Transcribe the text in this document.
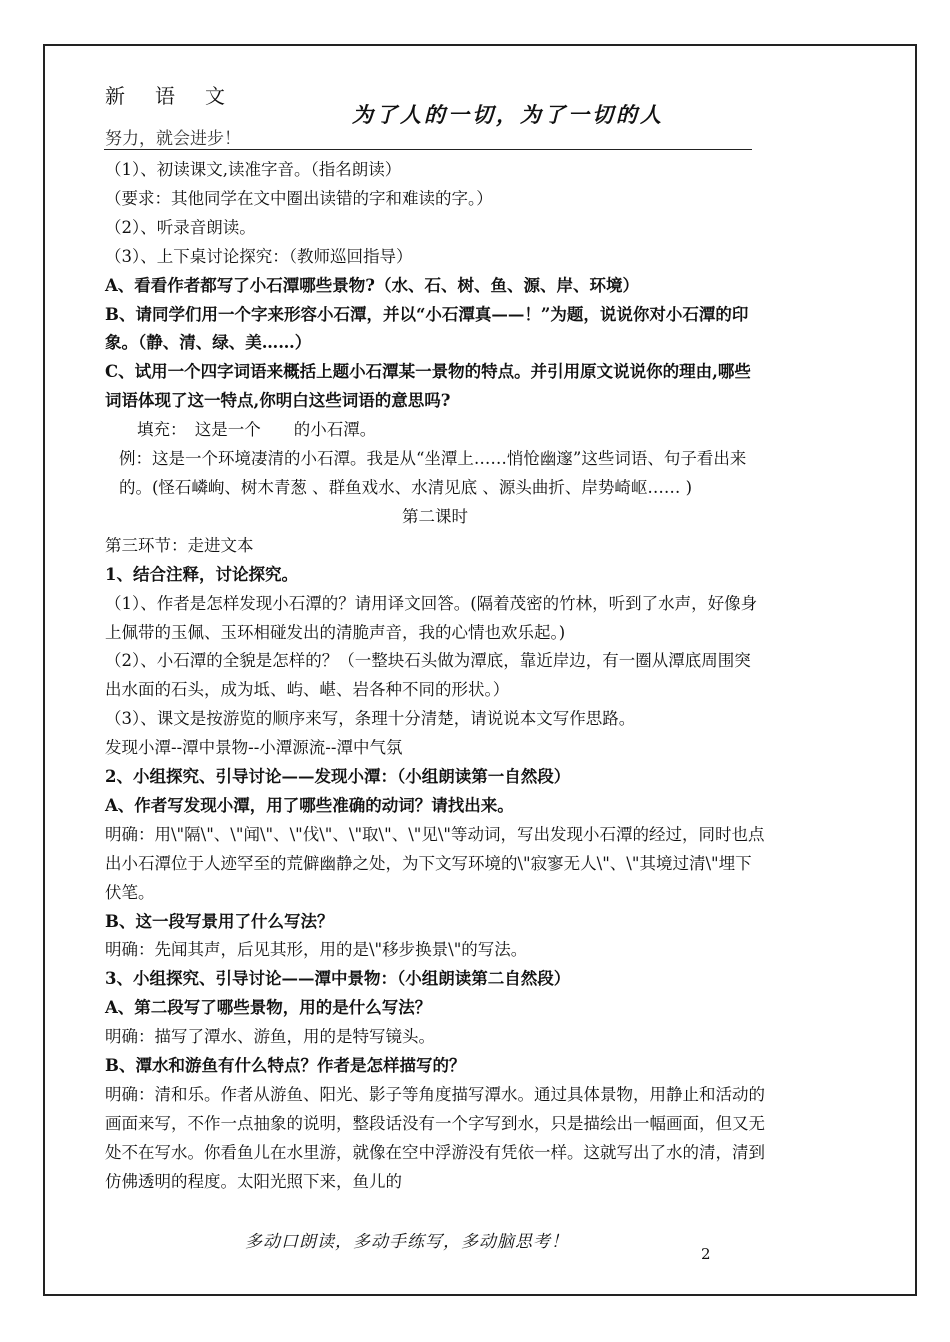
新语文
为了人的一切，为了一切的人
努力，就会进步！

（1）、初读课文,读准字音。（指名朗读）

（要求：其他同学在文中圈出读错的字和难读的字。）

（2）、听录音朗读。

（3）、上下桌讨论探究：（教师巡回指导）

A、看看作者都写了小石潭哪些景物?（水、石、树、鱼、源、岸、环境）

B、请同学们用一个字来形容小石潭，并以“小石潭真——！”为题，说说你对小石潭的印象。（静、清、绿、美……）

C、试用一个四字词语来概括上题小石潭某一景物的特点。并引用原文说说你的理由,哪些词语体现了这一特点,你明白这些词语的意思吗?

填充：　这是一个　　的小石潭。

例：这是一个环境凄清的小石潭。我是从“坐潭上……悄怆幽邃”这些词语、句子看出来的。(怪石嶙峋、树木青葱 、群鱼戏水、水清见底 、源头曲折、岸势崎岖…… )

第二课时

第三环节：走进文本

1、结合注释，讨论探究。

（1）、作者是怎样发现小石潭的？请用译文回答。(隔着茂密的竹林，听到了水声，好像身上佩带的玉佩、玉环相碰发出的清脆声音，我的心情也欢乐起。)

（2）、小石潭的全貌是怎样的？（一整块石头做为潭底，靠近岸边，有一圈从潭底周围突出水面的石头，成为坻、屿、嵁、岩各种不同的形状。）

（3）、课文是按游览的顺序来写，条理十分清楚，请说说本文写作思路。

发现小潭--潭中景物--小潭源流--潭中气氛

2、小组探究、引导讨论——发现小潭：（小组朗读第一自然段）

A、作者写发现小潭，用了哪些准确的动词？请找出来。

明确：用\"隔\"、\"闻\"、\"伐\"、\"取\"、\"见\"等动词，写出发现小石潭的经过，同时也点出小石潭位于人迹罕至的荒僻幽静之处，为下文写环境的\"寂寥无人\"、\"其境过清\"埋下伏笔。

B、这一段写景用了什么写法？

明确：先闻其声，后见其形，用的是\"移步换景\"的写法。

3、小组探究、引导讨论——潭中景物：（小组朗读第二自然段）

A、第二段写了哪些景物，用的是什么写法？

明确：描写了潭水、游鱼，用的是特写镜头。

B、潭水和游鱼有什么特点？作者是怎样描写的？

明确：清和乐。作者从游鱼、阳光、影子等角度描写潭水。通过具体景物，用静止和活动的画面来写，不作一点抽象的说明，整段话没有一个字写到水，只是描绘出一幅画面，但又无处不在写水。你看鱼儿在水里游，就像在空中浮游没有凭依一样。这就写出了水的清，清到仿佛透明的程度。太阳光照下来，鱼儿的

多动口朗读，多动手练写，多动脑思考！
2
